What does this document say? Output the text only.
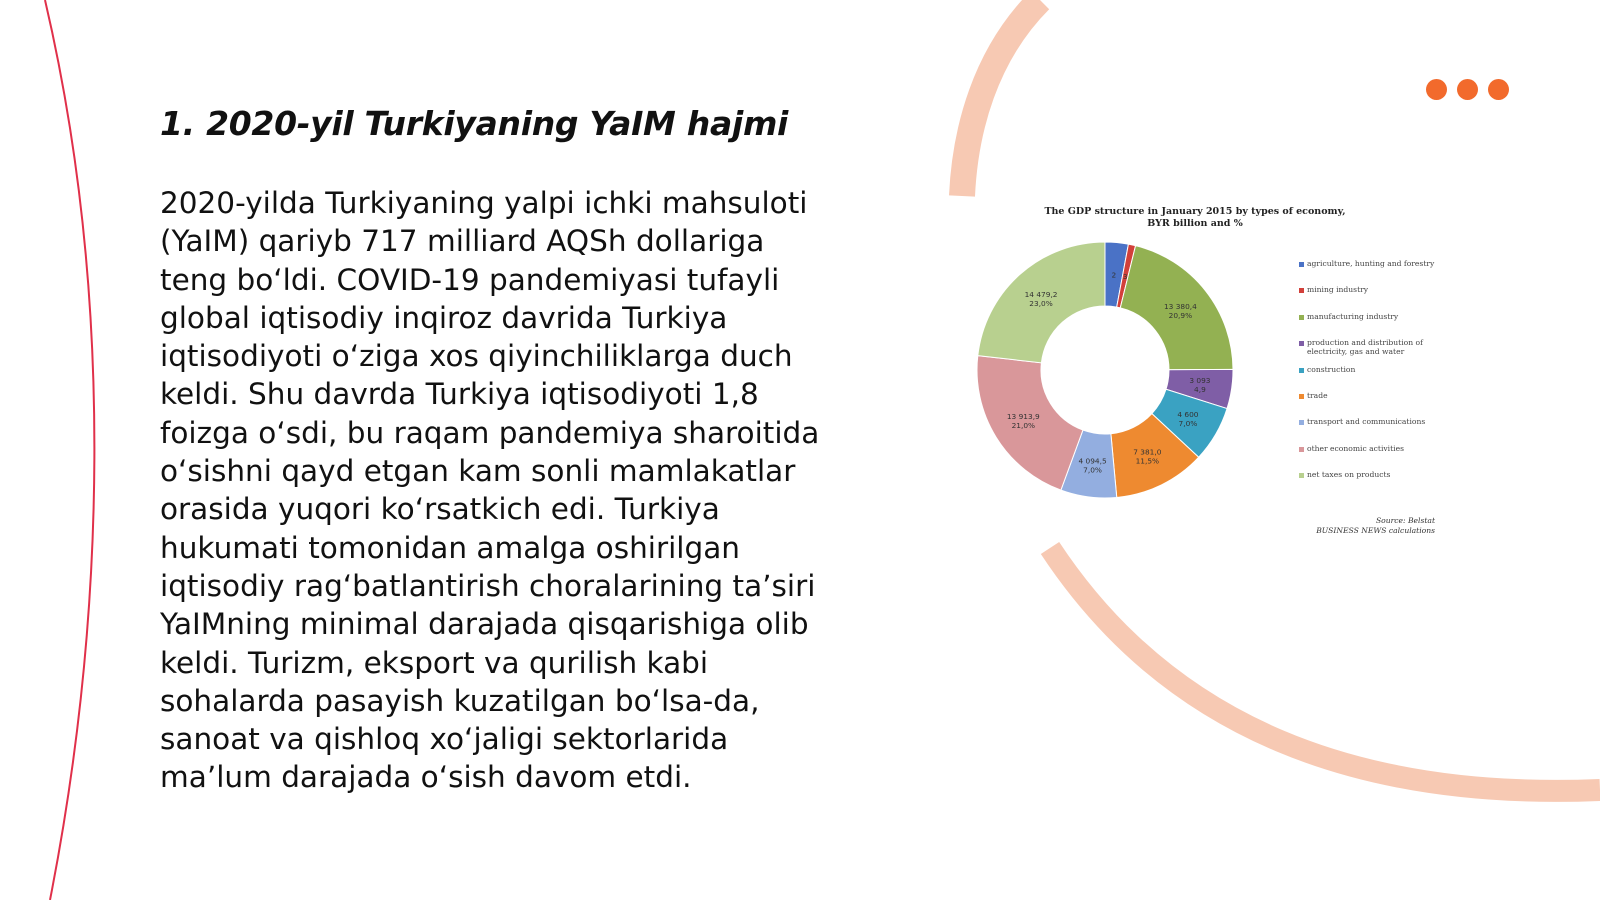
1. 2020-yil Turkiyaning YaIM hajmi

2020-yilda Turkiyaning yalpi ichki mahsuloti (YaIM) qariyb 717 milliard AQSh dollariga teng boʻldi. COVID-19 pandemiyasi tufayli global iqtisodiy inqiroz davrida Turkiya iqtisodiyoti oʻziga xos qiyinchiliklarga duch keldi. Shu davrda Turkiya iqtisodiyoti 1,8 foizga oʻsdi, bu raqam pandemiya sharoitida oʻsishni qayd etgan kam sonli mamlakatlar orasida yuqori koʻrsatkich edi. Turkiya hukumati tomonidan amalga oshirilgan iqtisodiy ragʻbatlantirish choralarining taʼsiri YaIMning minimal darajada qisqarishiga olib keldi. Turizm, eksport va qurilish kabi sohalarda pasayish kuzatilgan boʻlsa-da, sanoat va qishloq xoʻjaligi sektorlarida maʼlum darajada oʻsish davom etdi.

The GDP structure in January 2015 by types of economy,
BYR billion and %
2 3
13 380,4 20,9%
3 093 4,9
4 600 7,0%
7 381,0 11,5%
4 094,5 7,0%
13 913,9 21,0%
14 479,2 23,0%
agriculture, hunting and forestry
mining industry
manufacturing industry
production and distribution of electricity, gas and water
construction
trade
transport and communications
other economic activities
net taxes on products
Source: Belstat
BUSINESS NEWS calculations
